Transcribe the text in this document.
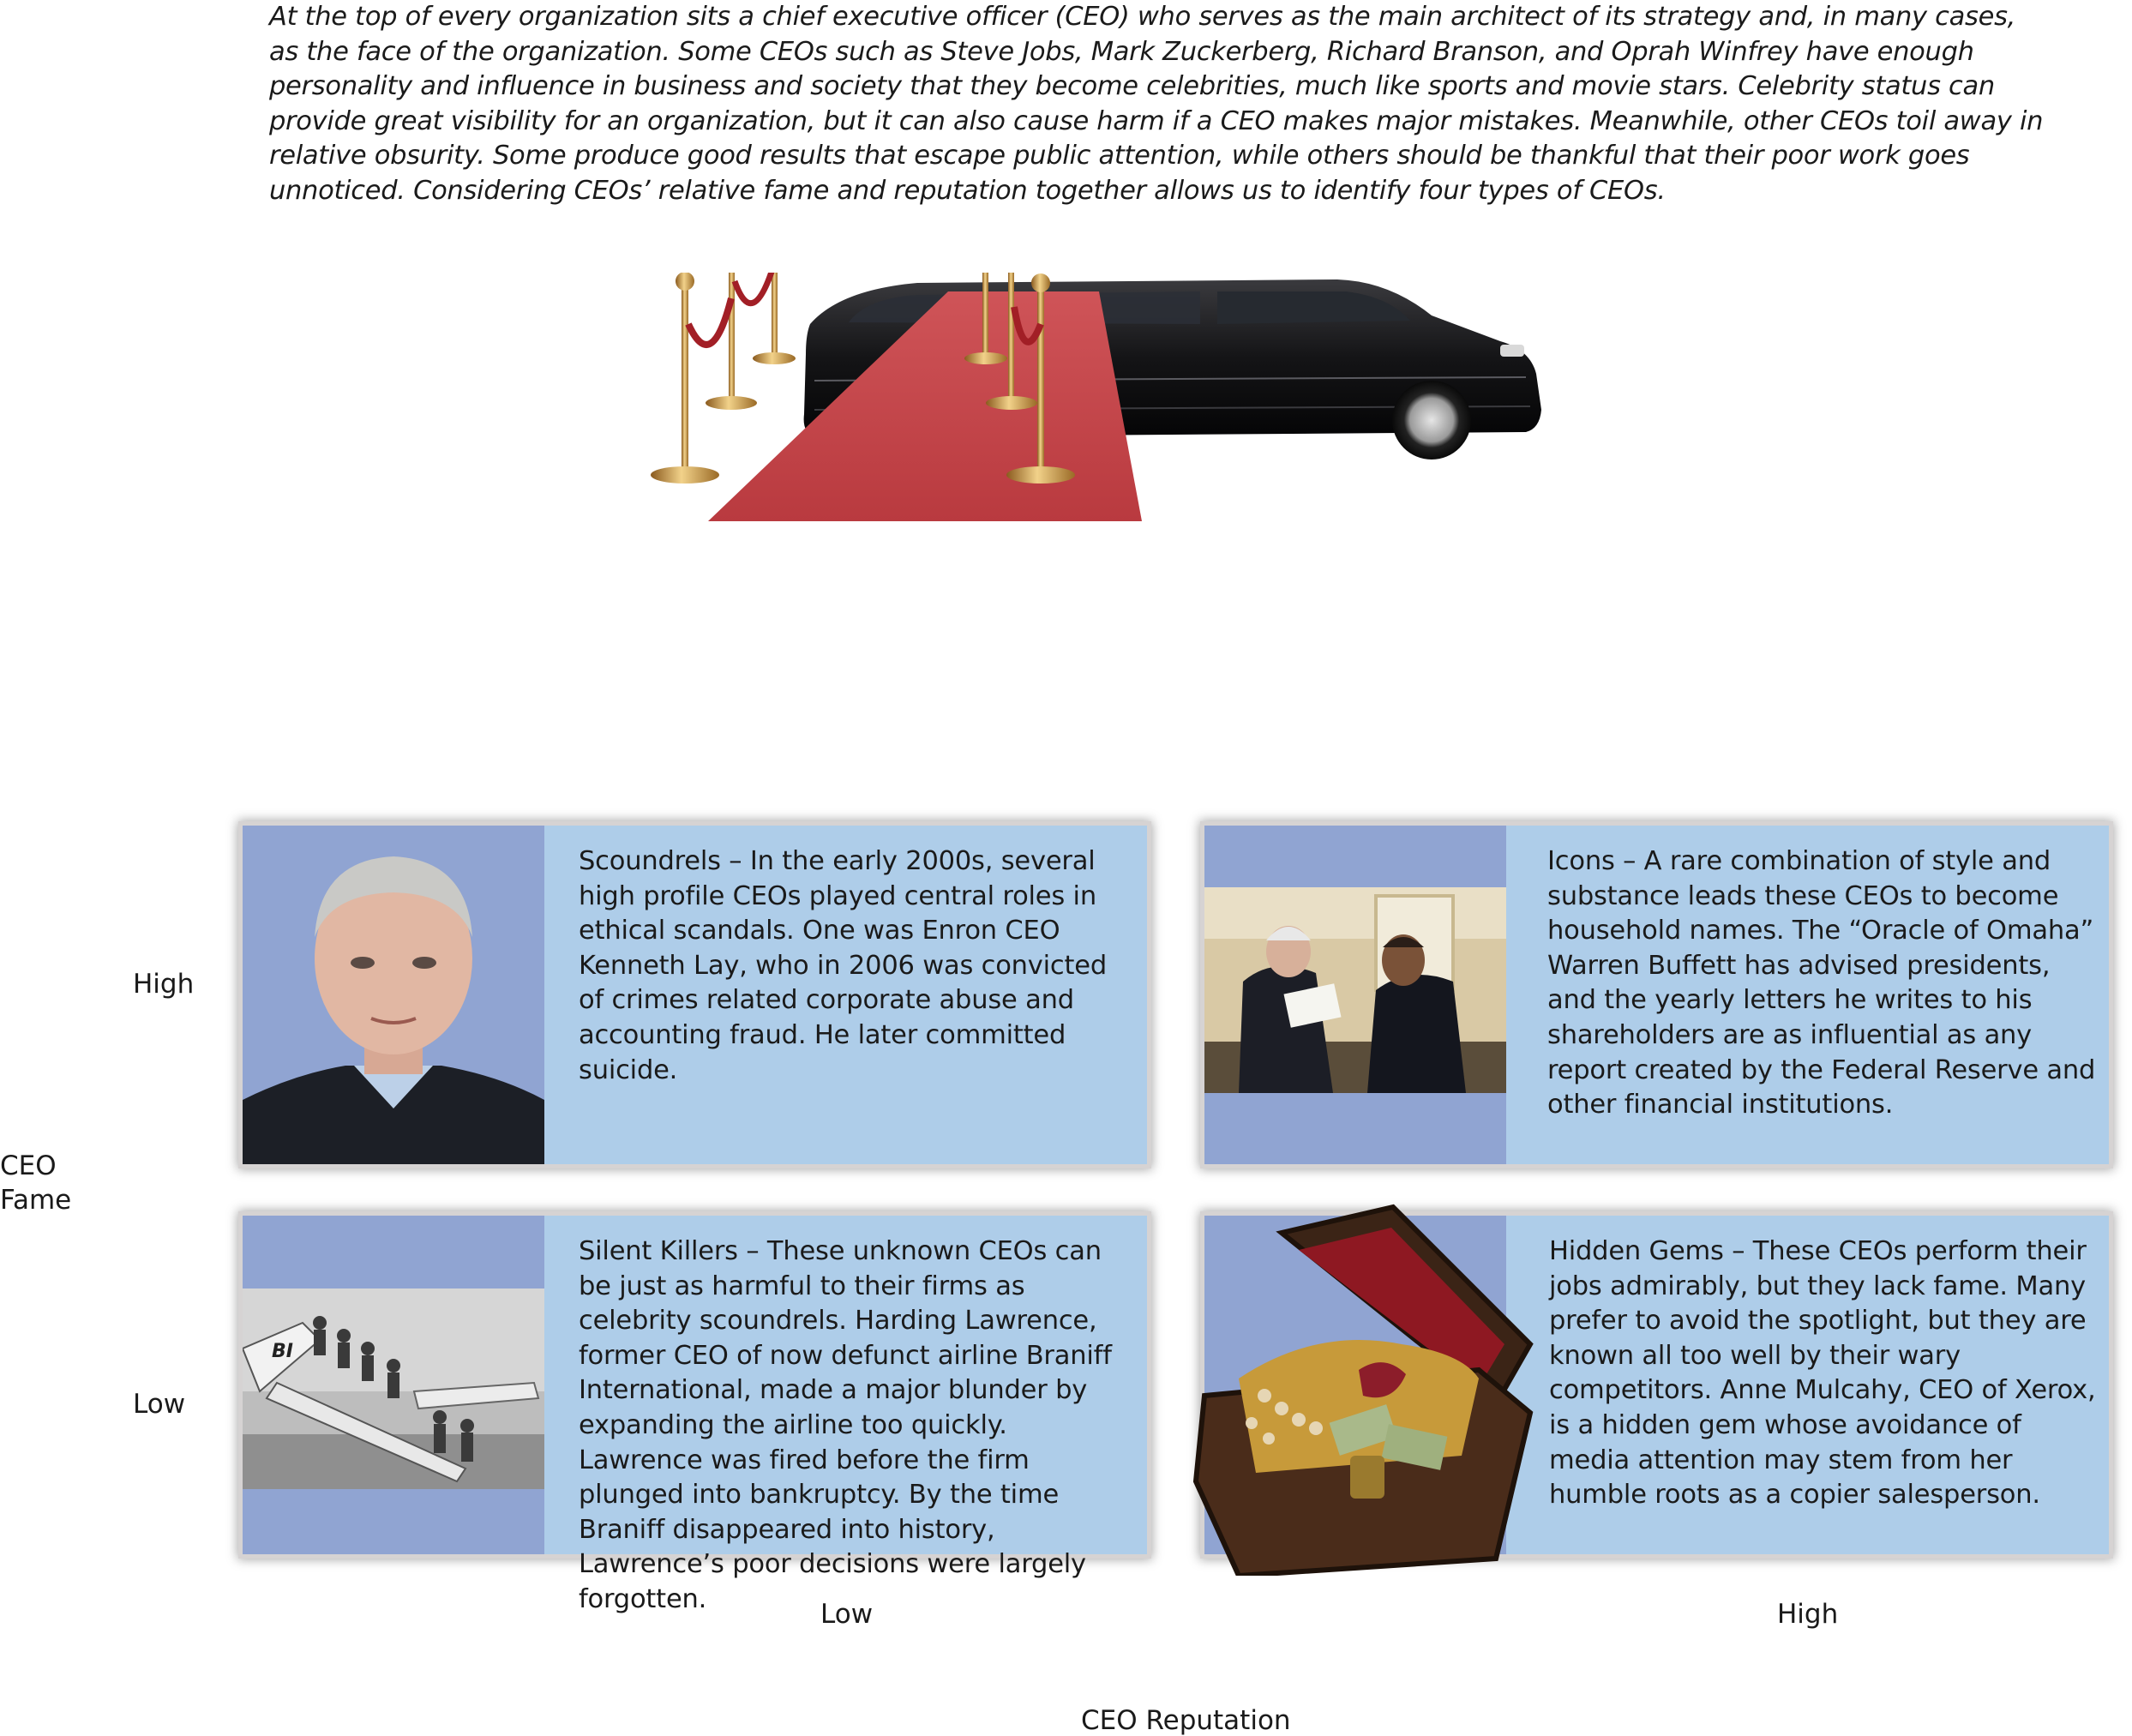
At the top of every organization sits a chief executive officer (CEO) who serves as the main architect of its strategy and, in many cases, as the face of the organization. Some CEOs such as Steve Jobs, Mark Zuckerberg, Richard Branson, and Oprah Winfrey have enough personality and influence in business and society that they become celebrities, much like sports and movie stars. Celebrity status can provide great visibility for an organization, but it can also cause harm if a CEO makes major mistakes. Meanwhile, other CEOs toil away in relative obsurity. Some produce good results that escape public attention, while others should be thankful that their poor work goes unnoticed. Considering CEOs’ relative fame and reputation together allows us to identify four types of CEOs.

CEO

Fame

High

Low

Scoundrels – In the early 2000s, several high profile CEOs played central roles in ethical scandals. One was Enron CEO Kenneth Lay, who in 2006 was convicted of crimes related corporate abuse and accounting fraud. He later committed suicide.

Icons – A rare combination of style and substance leads these CEOs to become household names. The “Oracle of Omaha” Warren Buffett has advised presidents, and the yearly letters he writes to his shareholders are as influential as any report created by the Federal Reserve and other financial institutions.

BI

Silent Killers – These unknown CEOs can be just as harmful to their firms as celebrity scoundrels. Harding Lawrence, former CEO of now defunct airline Braniff International, made a major blunder by expanding the airline too quickly. Lawrence was fired before the firm plunged into bankruptcy. By the time Braniff disappeared into history, Lawrence’s poor decisions were largely forgotten.

Hidden Gems – These CEOs perform their jobs admirably, but they lack fame. Many prefer to avoid the spotlight, but they are known all too well by their wary competitors. Anne Mulcahy, CEO of Xerox, is a hidden gem whose avoidance of media attention may stem from her humble roots as a copier salesperson.

Low	High

CEO Reputation
